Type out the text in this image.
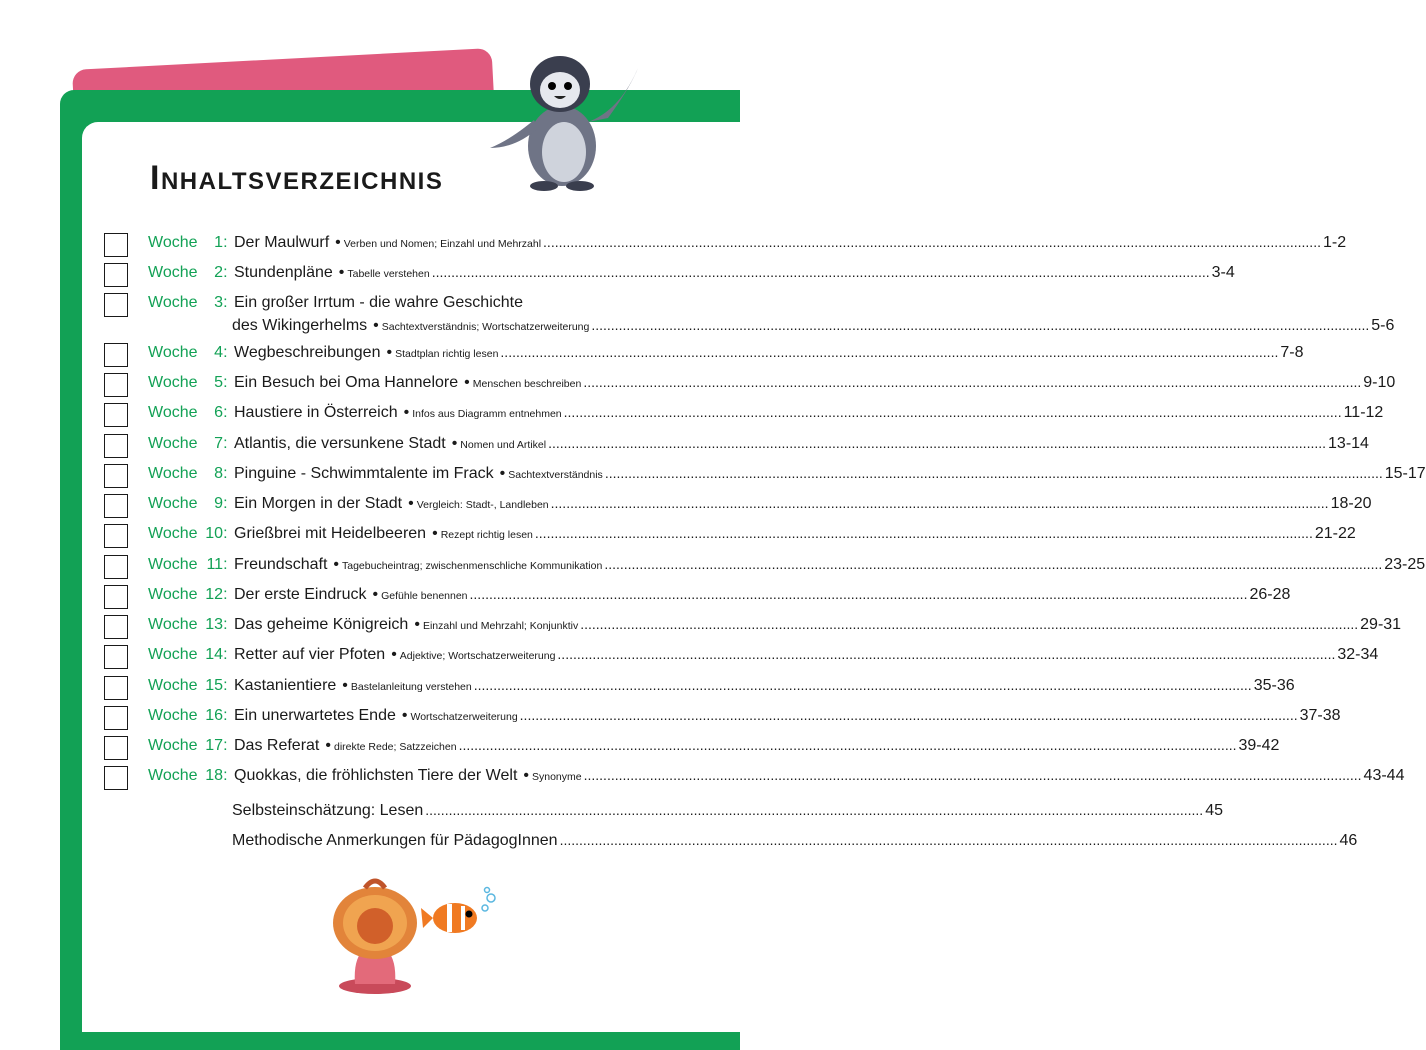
Inhaltsverzeichnis
Woche 1: Der Maulwurf • Verben und Nomen; Einzahl und Mehrzahl ........................................................................................................................................................................................................ 1-2
Woche 2: Stundenpläne • Tabelle verstehen ........................................................................................................................................................................................................ 3-4
Woche 3: Ein großer Irrtum - die wahre Geschichte
des Wikingerhelms • Sachtextverständnis; Wortschatzerweiterung ........................................................................................................................................................................................................ 5-6
Woche 4: Wegbeschreibungen • Stadtplan richtig lesen ........................................................................................................................................................................................................ 7-8
Woche 5: Ein Besuch bei Oma Hannelore • Menschen beschreiben ........................................................................................................................................................................................................ 9-10
Woche 6: Haustiere in Österreich • Infos aus Diagramm entnehmen ........................................................................................................................................................................................................ 11-12
Woche 7: Atlantis, die versunkene Stadt • Nomen und Artikel ........................................................................................................................................................................................................ 13-14
Woche 8: Pinguine - Schwimmtalente im Frack • Sachtextverständnis ........................................................................................................................................................................................................ 15-17
Woche 9: Ein Morgen in der Stadt • Vergleich: Stadt-, Landleben ........................................................................................................................................................................................................ 18-20
Woche 10: Grießbrei mit Heidelbeeren • Rezept richtig lesen ........................................................................................................................................................................................................ 21-22
Woche 11: Freundschaft • Tagebucheintrag; zwischenmenschliche Kommunikation ........................................................................................................................................................................................................ 23-25
Woche 12: Der erste Eindruck • Gefühle benennen ........................................................................................................................................................................................................ 26-28
Woche 13: Das geheime Königreich • Einzahl und Mehrzahl; Konjunktiv ........................................................................................................................................................................................................ 29-31
Woche 14: Retter auf vier Pfoten • Adjektive; Wortschatzerweiterung ........................................................................................................................................................................................................ 32-34
Woche 15: Kastanientiere • Bastelanleitung verstehen ........................................................................................................................................................................................................ 35-36
Woche 16: Ein unerwartetes Ende • Wortschatzerweiterung ........................................................................................................................................................................................................ 37-38
Woche 17: Das Referat • direkte Rede; Satzzeichen ........................................................................................................................................................................................................ 39-42
Woche 18: Quokkas, die fröhlichsten Tiere der Welt • Synonyme ........................................................................................................................................................................................................ 43-44
Selbsteinschätzung: Lesen ........................................................................................................................................................................................................ 45
Methodische Anmerkungen für PädagogInnen ........................................................................................................................................................................................................ 46
